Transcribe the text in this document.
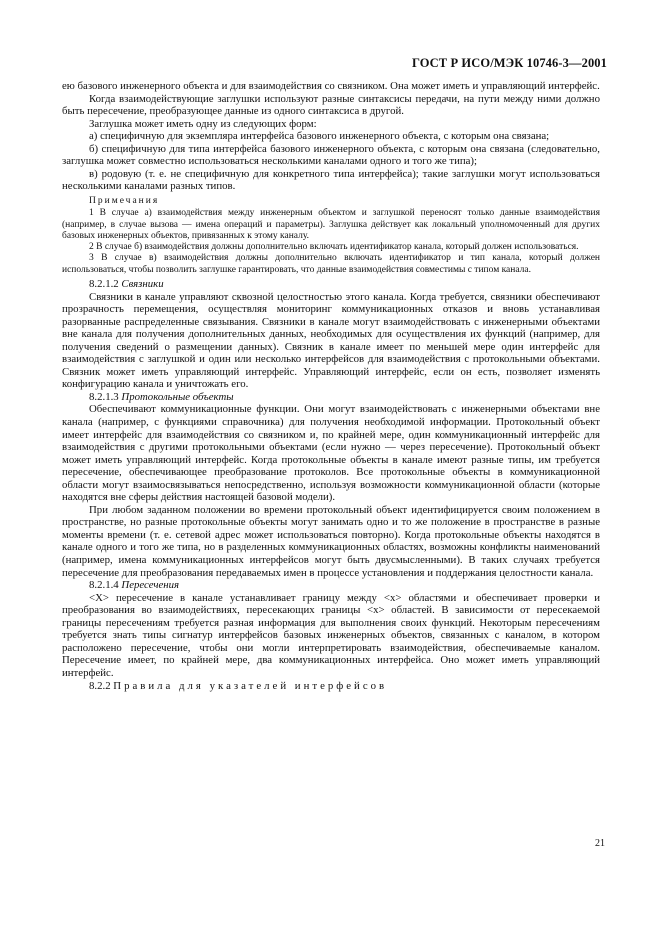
ГОСТ Р ИСО/МЭК 10746-3—2001

ею базового инженерного объекта и для взаимодействия со связником. Она может иметь и управляющий интерфейс.

Когда взаимодействующие заглушки используют разные синтаксисы передачи, на пути между ними должно быть пересечение, преобразующее данные из одного синтаксиса в другой.

Заглушка может иметь одну из следующих форм:

а) специфичную для экземпляра интерфейса базового инженерного объекта, с которым она связана;

б) специфичную для типа интерфейса базового инженерного объекта, с которым она связана (следовательно, заглушка может совместно использоваться несколькими каналами одного и того же типа);

в) родовую (т. е. не специфичную для конкретного типа интерфейса); такие заглушки могут использоваться несколькими каналами разных типов.

Примечания

1 В случае а) взаимодействия между инженерным объектом и заглушкой переносят только данные взаимодействия (например, в случае вызова — имена операций и параметры). Заглушка действует как локальный уполномоченный для других базовых инженерных объектов, привязанных к этому каналу.

2 В случае б) взаимодействия должны дополнительно включать идентификатор канала, который должен использоваться.

3 В случае в) взаимодействия должны дополнительно включать идентификатор и тип канала, который должен использоваться, чтобы позволить заглушке гарантировать, что данные взаимодействия совместимы с типом канала.

8.2.1.2 Связники

Связники в канале управляют сквозной целостностью этого канала. Когда требуется, связники обеспечивают прозрачность перемещения, осуществляя мониторинг коммуникационных отказов и вновь устанавливая разорванные распределенные связывания. Связники в канале могут взаимодействовать с инженерными объектами вне канала для получения дополнительных данных, необходимых для осуществления их функций (например, для получения сведений о размещении данных). Связник в канале имеет по меньшей мере один интерфейс для взаимодействия с заглушкой и один или несколько интерфейсов для взаимодействия с протокольными объектами. Связник может иметь управляющий интерфейс. Управляющий интерфейс, если он есть, позволяет изменять конфигурацию канала и уничтожать его.

8.2.1.3 Протокольные объекты

Обеспечивают коммуникационные функции. Они могут взаимодействовать с инженерными объектами вне канала (например, с функциями справочника) для получения необходимой информации. Протокольный объект имеет интерфейс для взаимодействия со связником и, по крайней мере, один коммуникационный интерфейс для взаимодействия с другими протокольными объектами (если нужно — через пересечение). Протокольный объект может иметь управляющий интерфейс. Когда протокольные объекты в канале имеют разные типы, им требуется пересечение, обеспечивающее преобразование протоколов. Все протокольные объекты в коммуникационной области могут взаимосвязываться непосредственно, используя возможности коммуникационной области (которые находятся вне сферы действия настоящей базовой модели).

При любом заданном положении во времени протокольный объект идентифицируется своим положением в пространстве, но разные протокольные объекты могут занимать одно и то же положение в пространстве в разные моменты времени (т. е. сетевой адрес может использоваться повторно). Когда протокольные объекты находятся в канале одного и того же типа, но в разделенных коммуникационных областях, возможны конфликты наименований (например, имена коммуникационных интерфейсов могут быть двусмысленными). В таких случаях требуется пересечение для преобразования передаваемых имен в процессе установления и поддержания целостности канала.

8.2.1.4 Пересечения

<Х> пересечение в канале устанавливает границу между <х> областями и обеспечивает проверки и преобразования во взаимодействиях, пересекающих границы <х> областей. В зависимости от пересекаемой границы пересечениям требуется разная информация для выполнения своих функций. Некоторым пересечениям требуется знать типы сигнатур интерфейсов базовых инженерных объектов, связанных с каналом, в котором расположено пересечение, чтобы они могли интерпретировать взаимодействия, обеспечиваемые каналом. Пересечение имеет, по крайней мере, два коммуникационных интерфейса. Оно может иметь управляющий интерфейс.

8.2.2 Правила для указателей интерфейсов

21
